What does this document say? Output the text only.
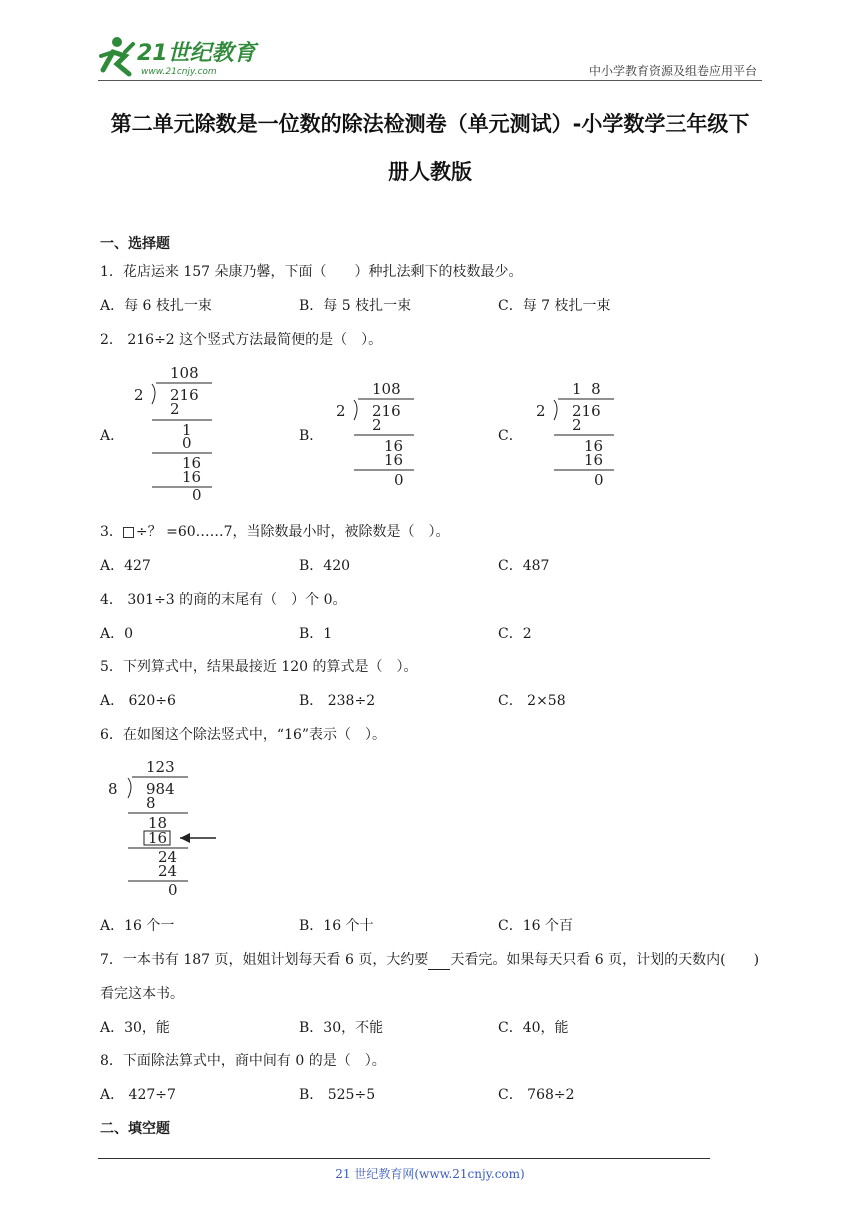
21世纪教育
www.21cnjy.com	中小学教育资源及组卷应用平台
第二单元除数是一位数的除法检测卷（单元测试）-小学数学三年级下
册人教版
一、选择题
1．花店运来 157 朵康乃馨，下面（　　）种扎法剩下的枝数最少。
A．每 6 枝扎一束	B．每 5 枝扎一束	C．每 7 枝扎一束
2． 216÷2 这个竖式方法最简便的是（　）。
A．	B．	C．
108
2 216
2
1
0
16
16
0
108
2 216
2
16
16
0
1  8
2 216
2
16
16
0
3． ÷？ =60……7，当除数最小时，被除数是（　）。
A．427	B．420	C．487
4． 301÷3 的商的末尾有（　）个 0。
A．0	B．1	C．2
5．下列算式中，结果最接近 120 的算式是（　）。
A． 620÷6	B． 238÷2	C． 2×58
6．在如图这个除法竖式中，“16”表示（　）。
123
8 984
8
18
16
24
24
0
A．16 个一	B．16 个十	C．16 个百
7．一本书有 187 页，姐姐计划每天看 6 页，大约要 天看完。如果每天只看 6 页，计划的天数内(　　)
看完这本书。
A．30，能	B．30，不能	C．40，能
8．下面除法算式中，商中间有 0 的是（　）。
A． 427÷7	B． 525÷5	C． 768÷2
二、填空题
21 世纪教育网(www.21cnjy.com)
